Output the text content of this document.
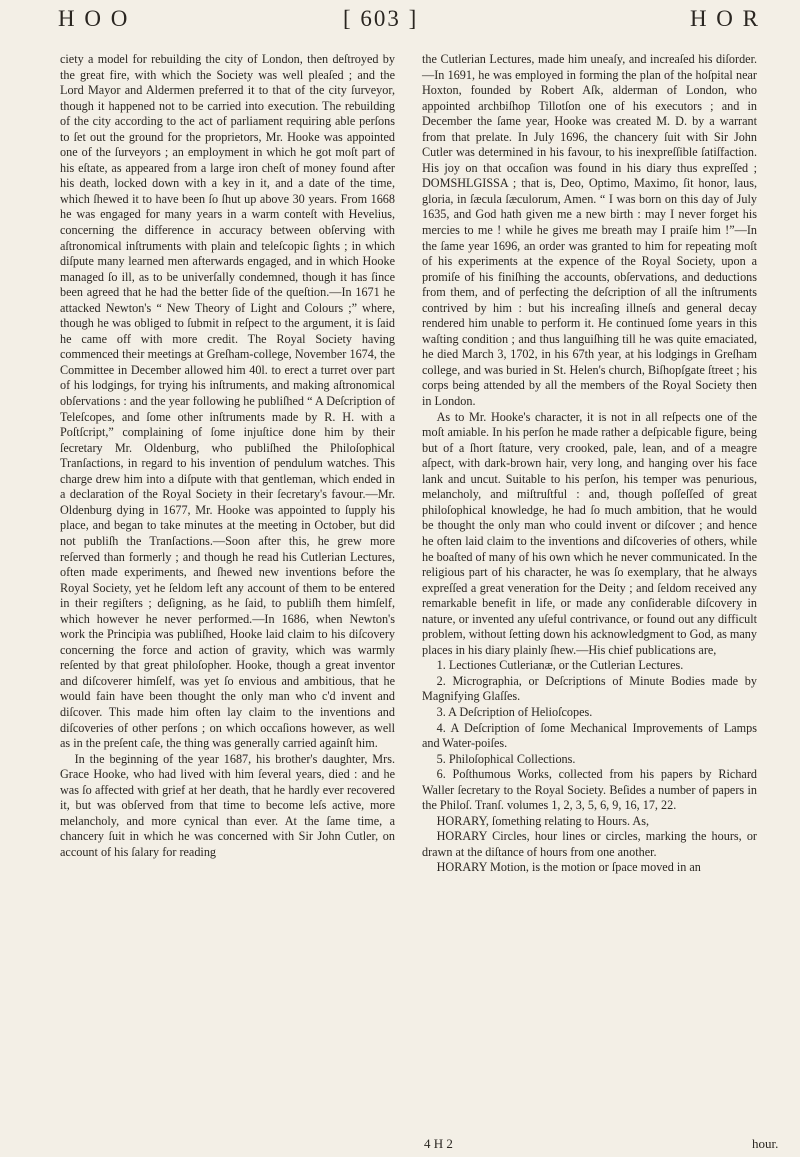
H O O	[ 603 ]	H O R

ciety a model for rebuilding the city of London, then deſtroyed by the great fire, with which the Society was well pleaſed ; and the Lord Mayor and Aldermen preferred it to that of the city ſurveyor, though it happened not to be carried into execution. The rebuilding of the city according to the act of parliament requiring able perſons to ſet out the ground for the proprietors, Mr. Hooke was appointed one of the ſurveyors ; an employment in which he got moſt part of his eſtate, as appeared from a large iron cheſt of money found after his death, locked down with a key in it, and a date of the time, which ſhewed it to have been ſo ſhut up above 30 years. From 1668 he was engaged for many years in a warm conteſt with Hevelius, concerning the difference in accuracy between obſerving with aſtronomical inſtruments with plain and teleſcopic ſights ; in which diſpute many learned men afterwards engaged, and in which Hooke managed ſo ill, as to be univerſally condemned, though it has ſince been agreed that he had the better ſide of the queſtion.—In 1671 he attacked Newton's “ New Theory of Light and Colours ;” where, though he was obliged to ſubmit in reſpect to the argument, it is ſaid he came off with more credit. The Royal Society having commenced their meetings at Greſham-college, November 1674, the Committee in December allowed him 40l. to erect a turret over part of his lodgings, for trying his inſtruments, and making aſtronomical obſervations : and the year following he publiſhed “ A Deſcription of Teleſcopes, and ſome other inſtruments made by R. H. with a Poſtſcript,” complaining of ſome injuſtice done him by their ſecretary Mr. Oldenburg, who publiſhed the Philoſophical Tranſactions, in regard to his invention of pendulum watches. This charge drew him into a diſpute with that gentleman, which ended in a declaration of the Royal Society in their ſecretary's favour.—Mr. Oldenburg dying in 1677, Mr. Hooke was appointed to ſupply his place, and began to take minutes at the meeting in October, but did not publiſh the Tranſactions.—Soon after this, he grew more reſerved than formerly ; and though he read his Cutlerian Lectures, often made experiments, and ſhewed new inventions before the Royal Society, yet he ſeldom left any account of them to be entered in their regiſters ; deſigning, as he ſaid, to publiſh them himſelf, which however he never performed.—In 1686, when Newton's work the Principia was publiſhed, Hooke laid claim to his diſcovery concerning the force and action of gravity, which was warmly reſented by that great philoſopher. Hooke, though a great inventor and diſcoverer himſelf, was yet ſo envious and ambitious, that he would fain have been thought the only man who c'd invent and diſcover. This made him often lay claim to the inventions and diſcoveries of other perſons ; on which occaſions however, as well as in the preſent caſe, the thing was generally carried againſt him.

In the beginning of the year 1687, his brother's daughter, Mrs. Grace Hooke, who had lived with him ſeveral years, died : and he was ſo affected with grief at her death, that he hardly ever recovered it, but was obſerved from that time to become leſs active, more melancholy, and more cynical than ever. At the ſame time, a chancery ſuit in which he was concerned with Sir John Cutler, on account of his ſalary for reading

the Cutlerian Lectures, made him uneaſy, and increaſed his diſorder.—In 1691, he was employed in forming the plan of the hoſpital near Hoxton, founded by Robert Aſk, alderman of London, who appointed archbiſhop Tillotſon one of his executors ; and in December the ſame year, Hooke was created M. D. by a warrant from that prelate. In July 1696, the chancery ſuit with Sir John Cutler was determined in his favour, to his inexpreſſible ſatiſfaction. His joy on that occaſion was found in his diary thus expreſſed ; DOMSHLGISSA ; that is, Deo, Optimo, Maximo, ſit honor, laus, gloria, in ſæcula ſæculorum, Amen. “ I was born on this day of July 1635, and God hath given me a new birth : may I never forget his mercies to me ! while he gives me breath may I praiſe him !”—In the ſame year 1696, an order was granted to him for repeating moſt of his experiments at the expence of the Royal Society, upon a promiſe of his finiſhing the accounts, obſervations, and deductions from them, and of perfecting the deſcription of all the inſtruments contrived by him : but his increaſing illneſs and general decay rendered him unable to perform it. He continued ſome years in this waſting condition ; and thus languiſhing till he was quite emaciated, he died March 3, 1702, in his 67th year, at his lodgings in Greſham college, and was buried in St. Helen's church, Biſhopſgate ſtreet ; his corps being attended by all the members of the Royal Society then in London.

As to Mr. Hooke's character, it is not in all reſpects one of the moſt amiable. In his perſon he made rather a deſpicable figure, being but of a ſhort ſtature, very crooked, pale, lean, and of a meagre aſpect, with dark-brown hair, very long, and hanging over his face lank and uncut. Suitable to his perſon, his temper was penurious, melancholy, and miſtruſtful : and, though poſſeſſed of great philoſophical knowledge, he had ſo much ambition, that he would be thought the only man who could invent or diſcover ; and hence he often laid claim to the inventions and diſcoveries of others, while he boaſted of many of his own which he never communicated. In the religious part of his character, he was ſo exemplary, that he always expreſſed a great veneration for the Deity ; and ſeldom received any remarkable benefit in life, or made any conſiderable diſcovery in nature, or invented any uſeful contrivance, or found out any difficult problem, without ſetting down his acknowledgment to God, as many places in his diary plainly ſhew.—His chief publications are,

1. Lectiones Cutlerianæ, or the Cutlerian Lectures.

2. Micrographia, or Deſcriptions of Minute Bodies made by Magnifying Glaſſes.

3. A Deſcription of Helioſcopes.

4. A Deſcription of ſome Mechanical Improvements of Lamps and Water-poiſes.

5. Philoſophical Collections.

6. Poſthumous Works, collected from his papers by Richard Waller ſecretary to the Royal Society. Beſides a number of papers in the Philoſ. Tranſ. volumes 1, 2, 3, 5, 6, 9, 16, 17, 22.

HORARY, ſomething relating to Hours. As,

HORARY Circles, hour lines or circles, marking the hours, or drawn at the diſtance of hours from one another.

HORARY Motion, is the motion or ſpace moved in an

4 H 2	hour.
